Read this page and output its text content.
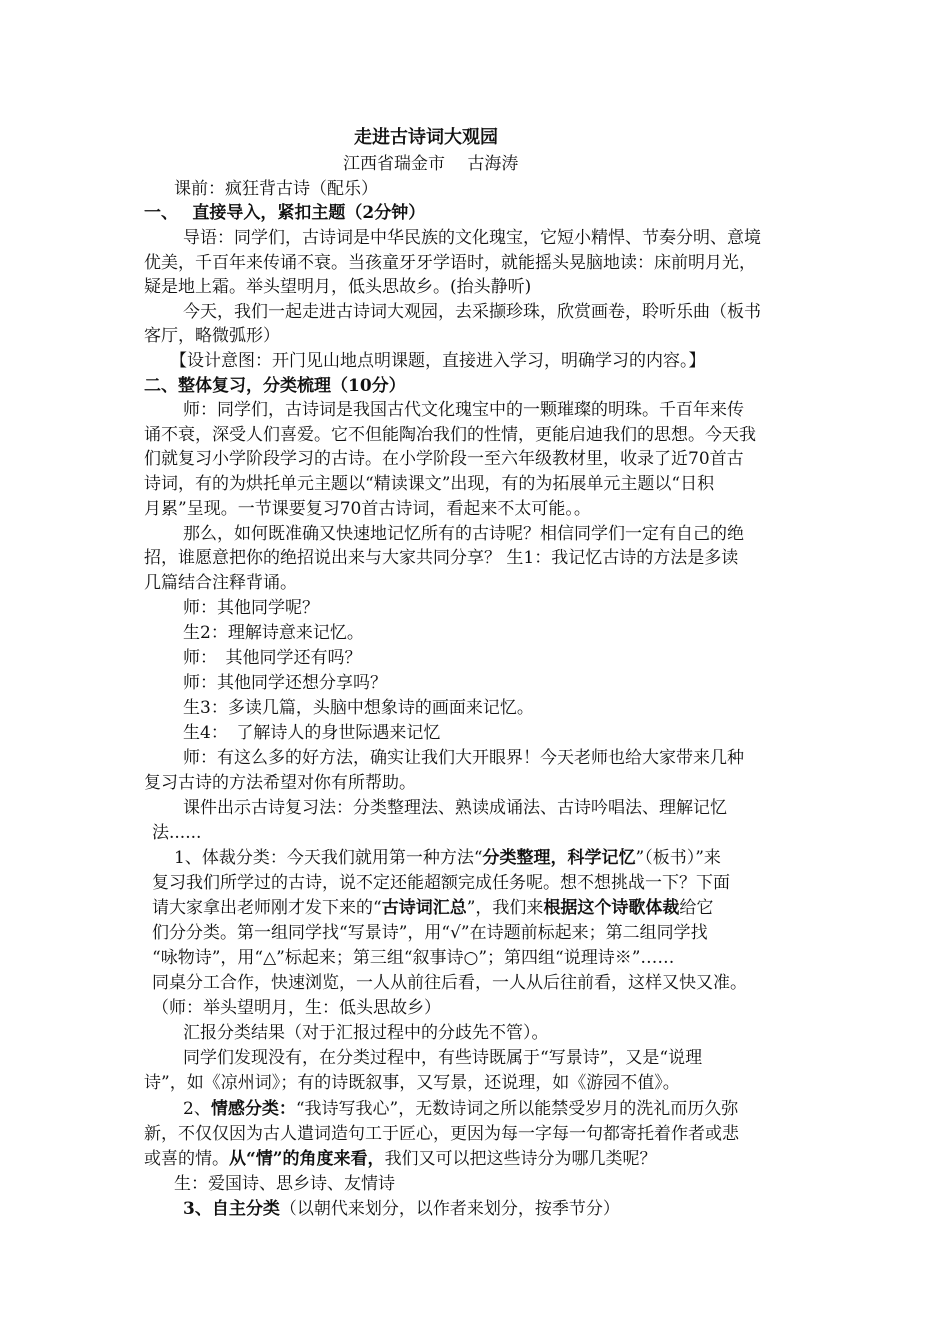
走进古诗词大观园
江西省瑞金市　 古海涛
课前：疯狂背古诗（配乐）
一、　 直接导入，紧扣主题（2分钟）
导语：同学们，古诗词是中华民族的文化瑰宝，它短小精悍、节奏分明、意境
优美，千百年来传诵不衰。当孩童牙牙学语时，就能摇头晃脑地读：床前明月光，
疑是地上霜。举头望明月，低头思故乡。(抬头静听)
今天，我们一起走进古诗词大观园，去采撷珍珠，欣赏画卷，聆听乐曲（板书
客厅，略微弧形）
【设计意图：开门见山地点明课题，直接进入学习，明确学习的内容。】
二、整体复习，分类梳理（10分）
师：同学们，古诗词是我国古代文化瑰宝中的一颗璀璨的明珠。千百年来传
诵不衰，深受人们喜爱。它不但能陶冶我们的性情，更能启迪我们的思想。今天我
们就复习小学阶段学习的古诗。在小学阶段一至六年级教材里，收录了近70首古
诗词，有的为烘托单元主题以“精读课文”出现，有的为拓展单元主题以“日积
月累”呈现。一节课要复习70首古诗词，看起来不太可能。。
那么，如何既准确又快速地记忆所有的古诗呢？相信同学们一定有自己的绝
招，谁愿意把你的绝招说出来与大家共同分享？ 生1：我记忆古诗的方法是多读
几篇结合注释背诵。
师：其他同学呢？
生2：理解诗意来记忆。
师：　其他同学还有吗？
师：其他同学还想分享吗？
生3：多读几篇，头脑中想象诗的画面来记忆。
生4：　了解诗人的身世际遇来记忆
师：有这么多的好方法，确实让我们大开眼界！今天老师也给大家带来几种
复习古诗的方法希望对你有所帮助。
课件出示古诗复习法：分类整理法、熟读成诵法、古诗吟唱法、理解记忆
法......
1、体裁分类：今天我们就用第一种方法“分类整理，科学记忆”（板书）”来
复习我们所学过的古诗，说不定还能超额完成任务呢。想不想挑战一下？下面
请大家拿出老师刚才发下来的“古诗词汇总”，我们来根据这个诗歌体裁给它
们分分类。第一组同学找“写景诗”，用“√”在诗题前标起来；第二组同学找
“咏物诗”，用“△”标起来；第三组“叙事诗○”；第四组“说理诗※”……
同桌分工合作，快速浏览，一人从前往后看，一人从后往前看，这样又快又准。
（师：举头望明月，生：低头思故乡）
汇报分类结果（对于汇报过程中的分歧先不管）。
同学们发现没有，在分类过程中，有些诗既属于“写景诗”，又是“说理
诗”，如《凉州词》；有的诗既叙事，又写景，还说理，如《游园不值》。
2、情感分类：“我诗写我心”，无数诗词之所以能禁受岁月的洗礼而历久弥
新，不仅仅因为古人遣词造句工于匠心，更因为每一字每一句都寄托着作者或悲
或喜的情。从“情”的角度来看，我们又可以把这些诗分为哪几类呢？
生：爱国诗、思乡诗、友情诗
3、自主分类（以朝代来划分，以作者来划分，按季节分）
